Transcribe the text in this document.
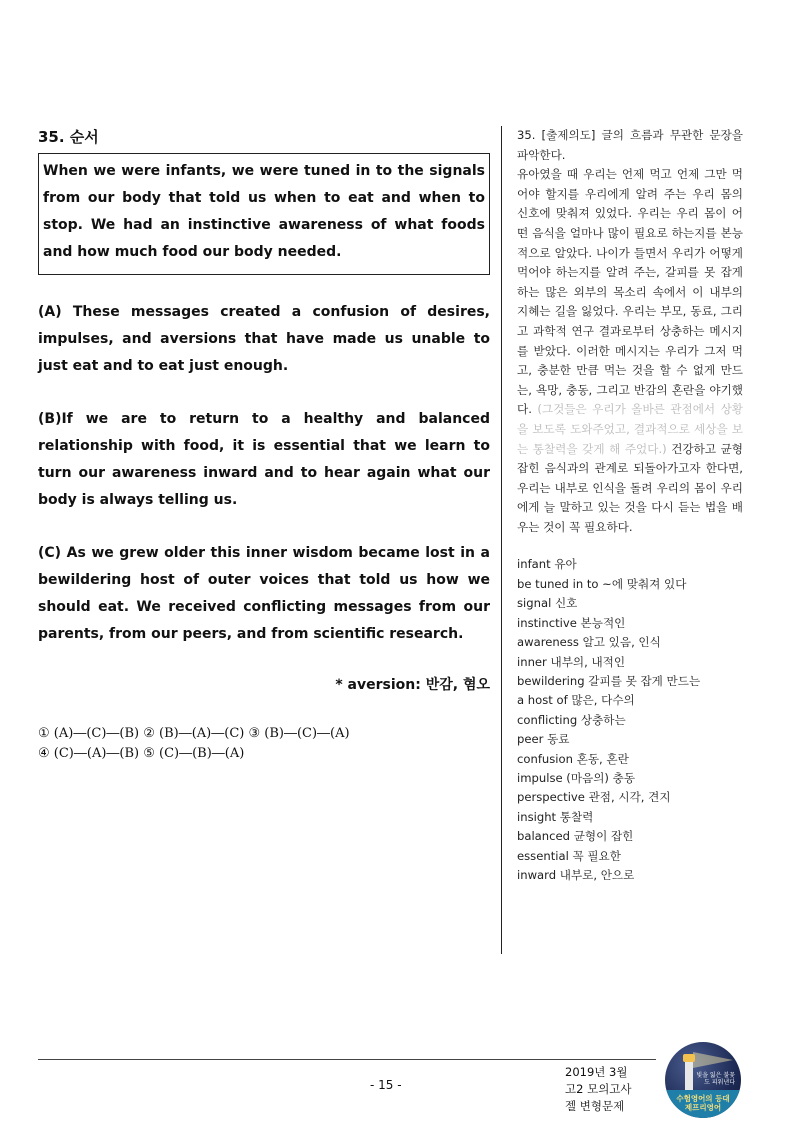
35. 순서
When we were infants, we were tuned in to the signals from our body that told us when to eat and when to stop. We had an instinctive awareness of what foods and how much food our body needed.

(A) These messages created a confusion of desires, impulses, and aversions that have made us unable to just eat and to eat just enough.

(B)If we are to return to a healthy and balanced relationship with food, it is essential that we learn to turn our awareness inward and to hear again what our body is always telling us.

(C) As we grew older this inner wisdom became lost in a bewildering host of outer voices that told us how we should eat. We received conflicting messages from our parents, from our peers, and from scientific research.

* aversion: 반감, 혐오
① (A)―(C)―(B) ② (B)―(A)―(C) ③ (B)―(C)―(A)
④ (C)―(A)―(B) ⑤ (C)―(B)―(A)

35. [출제의도] 글의 흐름과 무관한 문장을 파악한다.
유아였을 때 우리는 언제 먹고 언제 그만 먹어야 할지를 우리에게 알려 주는 우리 몸의 신호에 맞춰져 있었다. 우리는 우리 몸이 어떤 음식을 얼마나 많이 필요로 하는지를 본능적으로 알았다. 나이가 들면서 우리가 어떻게 먹어야 하는지를 알려 주는, 갈피를 못 잡게 하는 많은 외부의 목소리 속에서 이 내부의 지혜는 길을 잃었다. 우리는 부모, 동료, 그리고 과학적 연구 결과로부터 상충하는 메시지를 받았다. 이러한 메시지는 우리가 그저 먹고, 충분한 만큼 먹는 것을 할 수 없게 만드는, 욕망, 충동, 그리고 반감의 혼란을 야기했다. (그것들은 우리가 올바른 관점에서 상황을 보도록 도와주었고, 결과적으로 세상을 보는 통찰력을 갖게 해 주었다.) 건강하고 균형 잡힌 음식과의 관계로 되돌아가고자 한다면, 우리는 내부로 인식을 돌려 우리의 몸이 우리에게 늘 말하고 있는 것을 다시 듣는 법을 배우는 것이 꼭 필요하다.

infant 유아
be tuned in to ~에 맞춰져 있다
signal 신호
instinctive 본능적인
awareness 알고 있음, 인식
inner 내부의, 내적인
bewildering 갈피를 못 잡게 만드는
a host of 많은, 다수의
conflicting 상충하는
peer 동료
confusion 혼동, 혼란
impulse (마음의) 충동
perspective 관점, 시각, 견지
insight 통찰력
balanced 균형이 잡힌
essential 꼭 필요한
inward 내부로, 안으로
- 15 -
2019년 3월
고2 모의고사
젤 변형문제
빛을 잃은 불꽃도 피워낸다
수험영어의 등대
제프리영어
